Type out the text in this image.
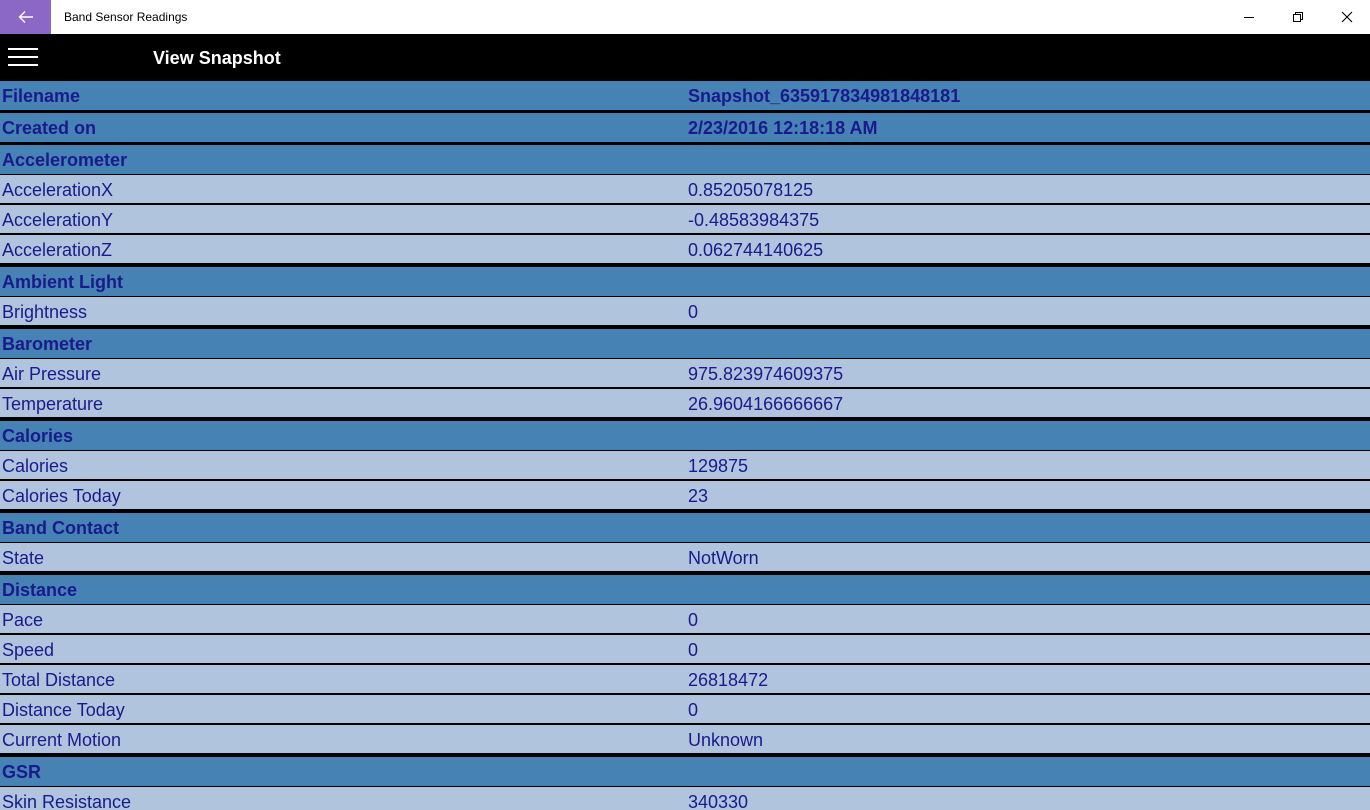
Band Sensor Readings
View Snapshot
Filename	Snapshot_635917834981848181
Created on	2/23/2016 12:18:18 AM
Accelerometer
AccelerationX	0.85205078125
AccelerationY	-0.48583984375
AccelerationZ	0.062744140625
Ambient Light
Brightness	0
Barometer
Air Pressure	975.823974609375
Temperature	26.9604166666667
Calories
Calories	129875
Calories Today	23
Band Contact
State	NotWorn
Distance
Pace	0
Speed	0
Total Distance	26818472
Distance Today	0
Current Motion	Unknown
GSR
Skin Resistance	340330
